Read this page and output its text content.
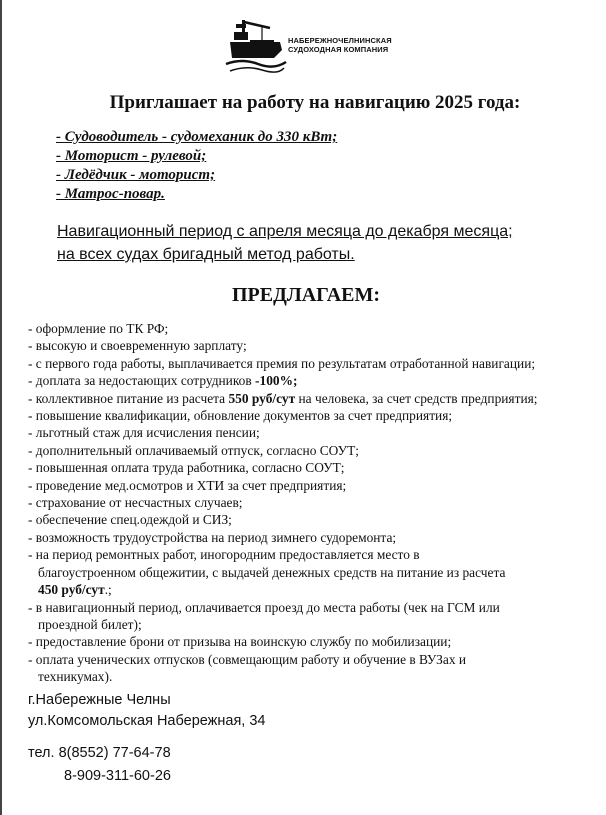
НАБЕРЕЖНОЧЕЛНИНСКАЯ
СУДОХОДНАЯ КОМПАНИЯ
Приглашает на работу на навигацию 2025 года:
- Судоводитель - судомеханик до 330 кВт;
- Моторист - рулевой;
- Ледёдчик - моторист;
- Матрос-повар.
Навигационный период с апреля месяца до декабря месяца;
на всех судах бригадный метод работы.
ПРЕДЛАГАЕМ:
- оформление по ТК РФ;
- высокую и своевременную зарплату;
- с первого года работы, выплачивается премия по результатам отработанной навигации;
- доплата за недостающих сотрудников -100%;
- коллективное питание из расчета 550 руб/сут на человека, за счет средств предприятия;
- повышение квалификации, обновление документов за счет предприятия;
- льготный стаж для исчисления пенсии;
- дополнительный оплачиваемый отпуск, согласно СОУТ;
- повышенная оплата труда работника, согласно СОУТ;
- проведение мед.осмотров и ХТИ за счет предприятия;
- страхование от несчастных случаев;
- обеспечение спец.одеждой и СИЗ;
- возможность трудоустройства на период зимнего судоремонта;
- на период ремонтных работ, иногородним предоставляется место в
благоустроенном общежитии, с выдачей денежных средств на питание из расчета
450 руб/сут.;
- в навигационный период, оплачивается проезд до места работы (чек на ГСМ или
проездной билет);
- предоставление брони от призыва на воинскую службу по мобилизации;
- оплата ученических отпусков (совмещающим работу и обучение в ВУЗах и
техникумах).
г.Набережные Челны
ул.Комсомольская Набережная, 34
тел. 8(8552) 77-64-78
8-909-311-60-26
